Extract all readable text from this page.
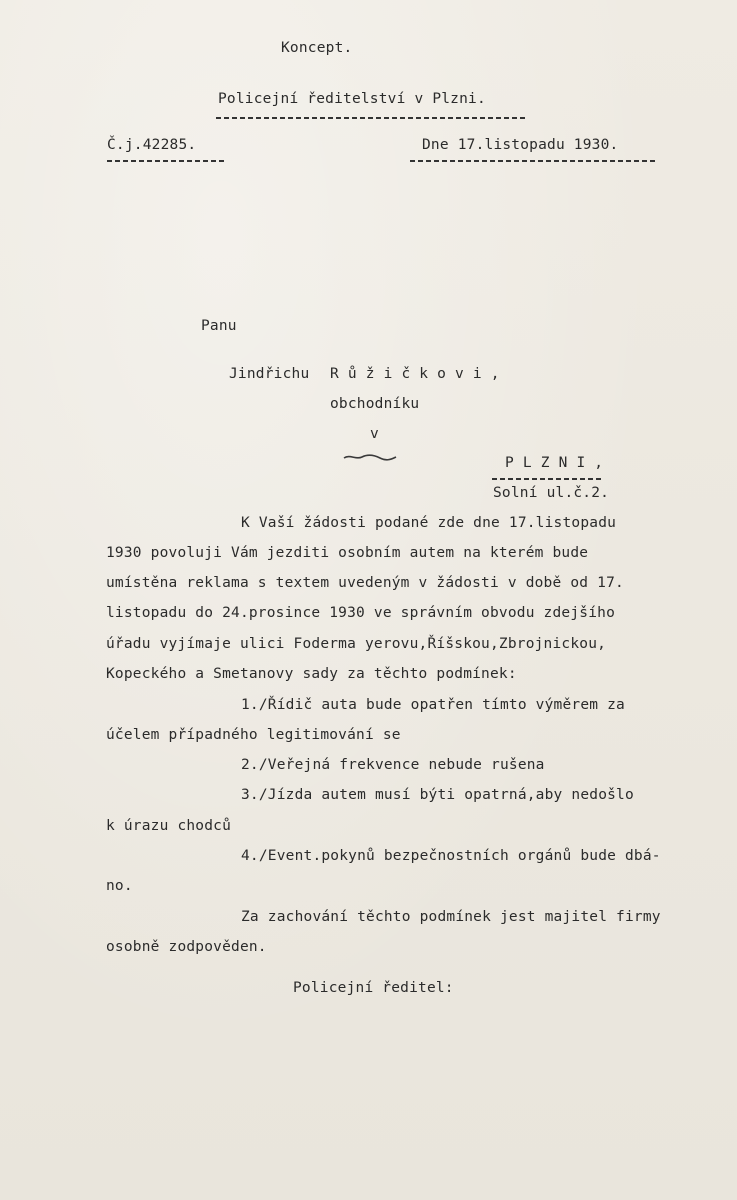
Koncept.
Policejní ředitelství v Plzni.
Č.j.42285.	Dne 17.listopadu 1930.
Panu
Jindřichu R ů ž i č k o v i ,
obchodníku
v
P L Z N I ,
Solní ul.č.2.
K Vaší žádosti podané zde dne 17.listopadu
1930 povoluji Vám jezditi osobním autem na kterém bude
umístěna reklama s textem uvedeným v žádosti v době od 17.
listopadu do 24.prosince 1930 ve správním obvodu zdejšího
úřadu vyjímaje ulici Foderma yerovu,Říšskou,Zbrojnickou,
Kopeckého a Smetanovy sady za těchto podmínek:
1./Řídič auta bude opatřen tímto výměrem za
účelem případného legitimování se
2./Veřejná frekvence nebude rušena
3./Jízda autem musí býti opatrná,aby nedošlo
k úrazu chodců
4./Event.pokynů bezpečnostních orgánů bude dbá-
no.
Za zachování těchto podmínek jest majitel firmy
osobně zodpověden.
Policejní ředitel:
